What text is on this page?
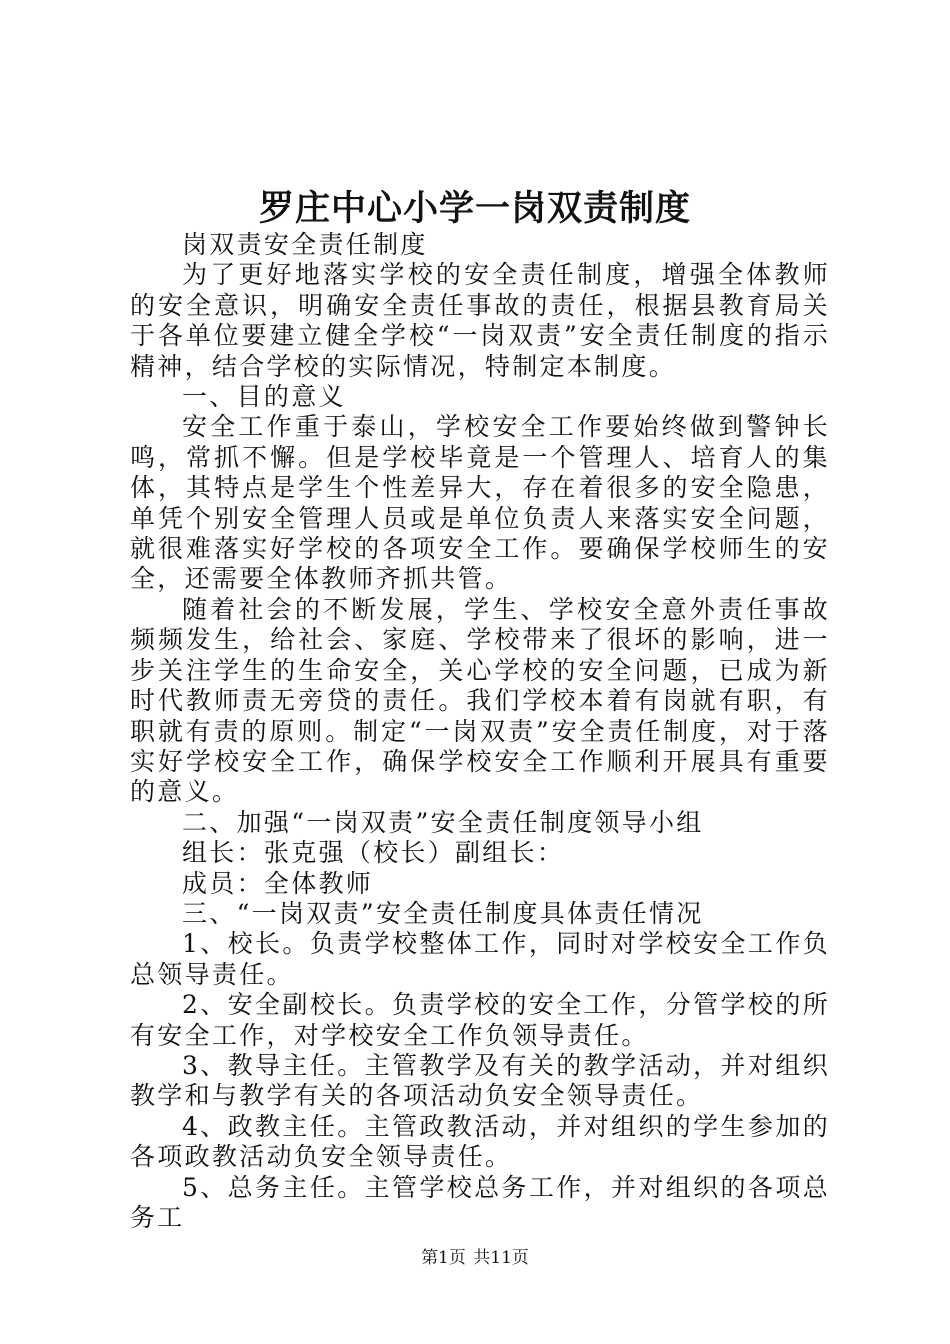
罗庄中心小学一岗双责制度

岗双责安全责任制度

为了更好地落实学校的安全责任制度，增强全体教师的安全意识，明确安全责任事故的责任，根据县教育局关于各单位要建立健全学校“一岗双责”安全责任制度的指示精神，结合学校的实际情况，特制定本制度。

一、目的意义

安全工作重于泰山，学校安全工作要始终做到警钟长鸣，常抓不懈。但是学校毕竟是一个管理人、培育人的集体，其特点是学生个性差异大，存在着很多的安全隐患，单凭个别安全管理人员或是单位负责人来落实安全问题，就很难落实好学校的各项安全工作。要确保学校师生的安全，还需要全体教师齐抓共管。

随着社会的不断发展，学生、学校安全意外责任事故频频发生，给社会、家庭、学校带来了很坏的影响，进一步关注学生的生命安全，关心学校的安全问题，已成为新时代教师责无旁贷的责任。我们学校本着有岗就有职，有职就有责的原则。制定“一岗双责”安全责任制度，对于落实好学校安全工作，确保学校安全工作顺利开展具有重要的意义。

二、加强“一岗双责”安全责任制度领导小组

组长：张克强（校长）副组长：

成员：全体教师

三、“一岗双责”安全责任制度具体责任情况

1、校长。负责学校整体工作，同时对学校安全工作负总领导责任。

2、安全副校长。负责学校的安全工作，分管学校的所有安全工作，对学校安全工作负领导责任。

3、教导主任。主管教学及有关的教学活动，并对组织教学和与教学有关的各项活动负安全领导责任。

4、政教主任。主管政教活动，并对组织的学生参加的各项政教活动负安全领导责任。

5、总务主任。主管学校总务工作，并对组织的各项总务工

第1页 共11页
